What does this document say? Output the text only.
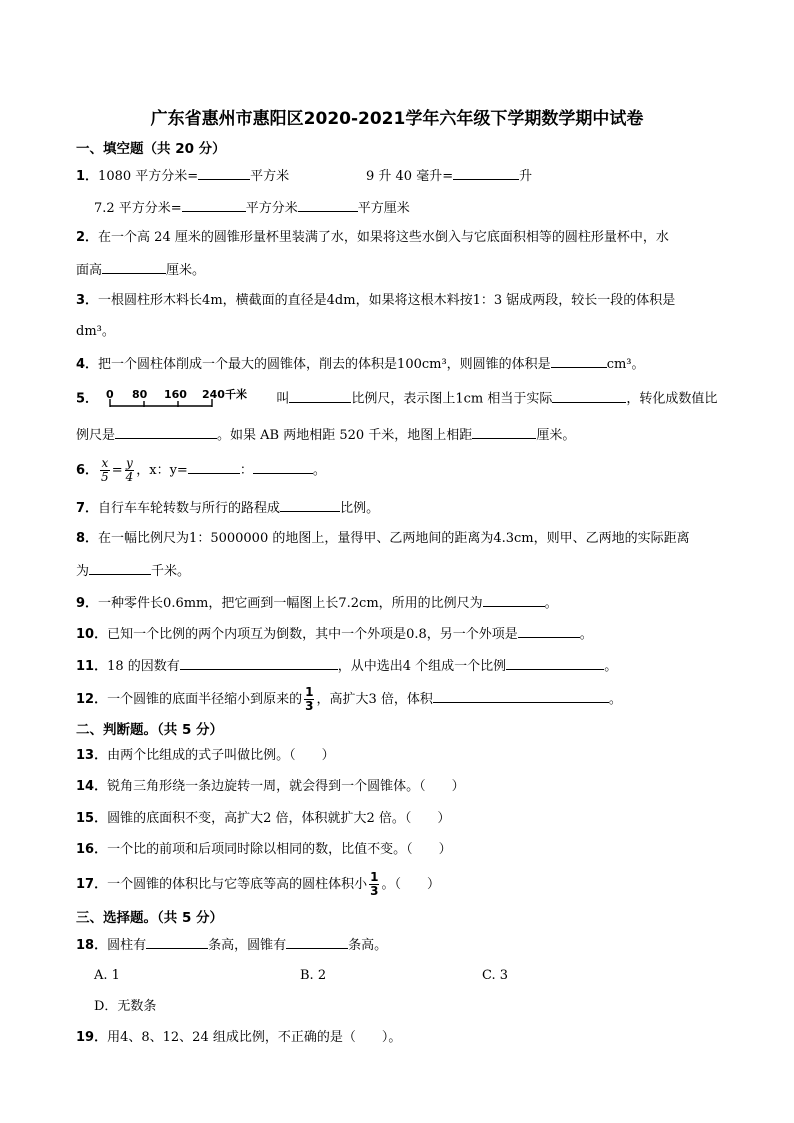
广东省惠州市惠阳区2020-2021学年六年级下学期数学期中试卷
一、填空题（共 20 分）
1．1080 平方分米=	平方米	9 升 40 毫升=	升
7.2 平方分米=	平方分米	平方厘米
2．在一个高 24 厘米的圆锥形量杯里装满了水，如果将这些水倒入与它底面积相等的圆柱形量杯中，水
面高	厘米。
3．一根圆柱形木料长4m，横截面的直径是4dm，如果将这根木料按1：3 锯成两段，较长一段的体积是
dm³。
4．把一个圆柱体削成一个最大的圆锥体，削去的体积是100cm³，则圆锥的体积是	cm³。
5． 0 80 160 240千米 叫	比例尺，表示图上1cm 相当于实际	，转化成数值比
例尺是	。如果 AB 两地相距 520 千米，地图上相距	厘米。
6． $\frac{x}{5} = \frac{y}{4}$ ，x：y=	：	。
7．自行车车轮转数与所行的路程成	比例。
8．在一幅比例尺为1：5000000 的地图上，量得甲、乙两地间的距离为4.3cm，则甲、乙两地的实际距离
为	千米。
9．一种零件长0.6mm，把它画到一幅图上长7.2cm，所用的比例尺为	。
10．已知一个比例的两个内项互为倒数，其中一个外项是0.8，另一个外项是	。
11．18 的因数有	，从中选出4 个组成一个比例	。
12．一个圆锥的底面半径缩小到原来的 $\frac{1}{3}$ ，高扩大3 倍，体积	。
二、判断题。（共 5 分）
13．由两个比组成的式子叫做比例。（　　）
14．锐角三角形绕一条边旋转一周，就会得到一个圆锥体。（　　）
15．圆锥的底面积不变，高扩大2 倍，体积就扩大2 倍。（　　）
16．一个比的前项和后项同时除以相同的数，比值不变。（　　）
17．一个圆锥的体积比与它等底等高的圆柱体积小 $\frac{1}{3}$ 。（　　）
三、选择题。（共 5 分）
18．圆柱有	条高，圆锥有	条高。
A. 1	B. 2	C. 3
D．无数条
19．用4、8、12、24 组成比例，不正确的是（　　）。
